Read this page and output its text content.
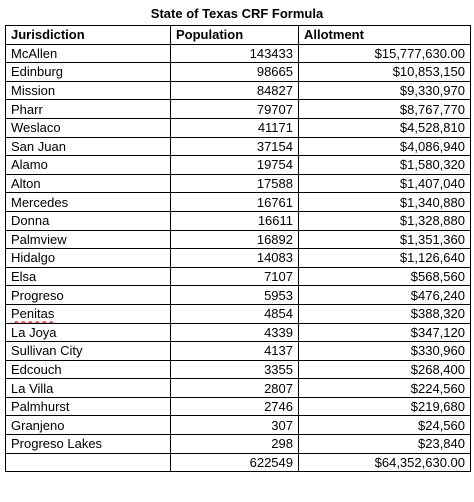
State of Texas CRF Formula
Jurisdiction	Population	Allotment
McAllen	143433	$15,777,630.00
Edinburg	98665	$10,853,150
Mission	84827	$9,330,970
Pharr	79707	$8,767,770
Weslaco	41171	$4,528,810
San Juan	37154	$4,086,940
Alamo	19754	$1,580,320
Alton	17588	$1,407,040
Mercedes	16761	$1,340,880
Donna	16611	$1,328,880
Palmview	16892	$1,351,360
Hidalgo	14083	$1,126,640
Elsa	7107	$568,560
Progreso	5953	$476,240
Penitas	4854	$388,320
La Joya	4339	$347,120
Sullivan City	4137	$330,960
Edcouch	3355	$268,400
La Villa	2807	$224,560
Palmhurst	2746	$219,680
Granjeno	307	$24,560
Progreso Lakes	298	$23,840
	622549	$64,352,630.00
